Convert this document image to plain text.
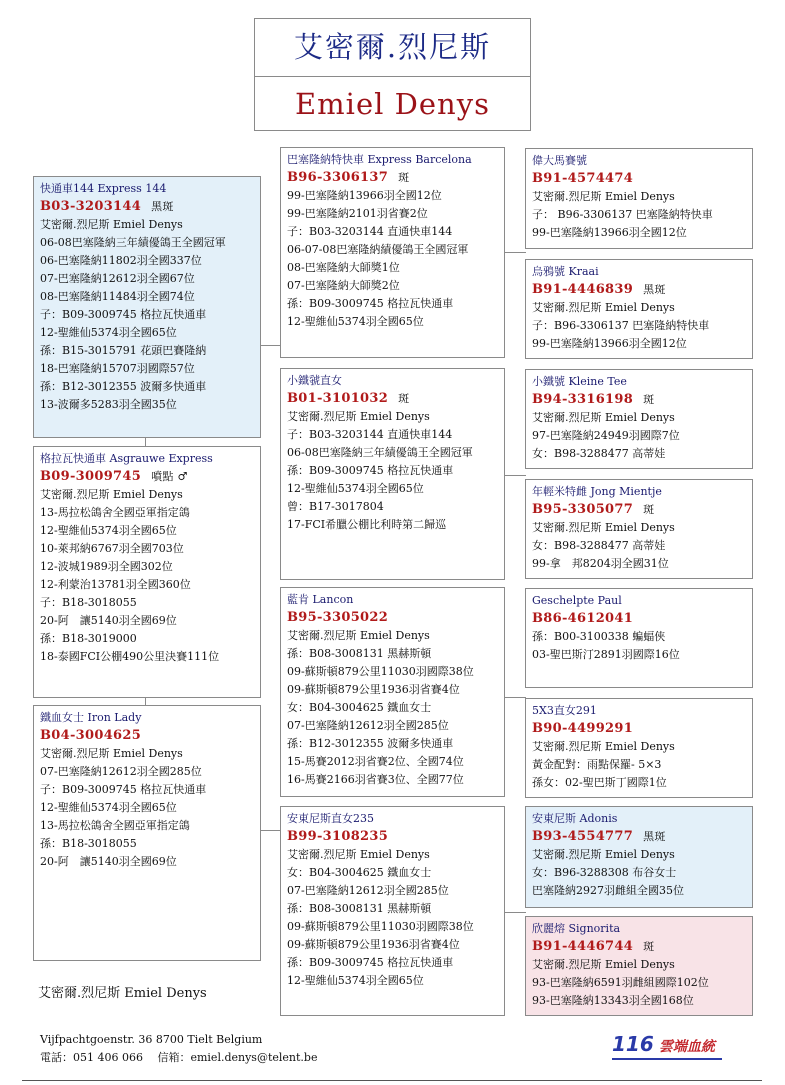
艾密爾.烈尼斯
Emiel Denys
快通車144 Express 144
B03-3203144 黑斑
艾密爾.烈尼斯 Emiel Denys
06-08巴塞隆納三年績優鴿王全國冠軍
06-巴塞隆納11802羽全國337位
07-巴塞隆納12612羽全國67位
08-巴塞隆納11484羽全國74位
子：B09-3009745 格拉瓦快通車
12-聖維仙5374羽全國65位
孫：B15-3015791 花頭巴賽隆納
18-巴塞隆納15707羽國際57位
孫：B12-3012355 波爾多快通車
13-波爾多5283羽全國35位
格拉瓦快通車 Asgrauwe Express
B09-3009745 噴點 ♂
艾密爾.烈尼斯 Emiel Denys
13-馬拉松鴿舍全國亞軍指定鴿
12-聖維仙5374羽全國65位
10-萊邦納6767羽全國703位
12-波城1989羽全國302位
12-利蒙治13781羽全國360位
子：B18-3018055
20-阿　讓5140羽全國69位
孫：B18-3019000
18-泰國FCI公棚490公里決賽111位
鐵血女士 Iron Lady
B04-3004625
艾密爾.烈尼斯 Emiel Denys
07-巴塞隆納12612羽全國285位
子：B09-3009745 格拉瓦快通車
12-聖維仙5374羽全國65位
13-馬拉松鴿舍全國亞軍指定鴿
孫：B18-3018055
20-阿　讓5140羽全國69位
巴塞隆納特快車 Express Barcelona
B96-3306137 斑
99-巴塞隆納13966羽全國12位
99-巴塞隆納2101羽省賽2位
子：B03-3203144 直通快車144
06-07-08巴塞隆納績優鴿王全國冠軍
08-巴塞隆納大師獎1位
07-巴塞隆納大師獎2位
孫：B09-3009745 格拉瓦快通車
12-聖維仙5374羽全國65位
小鐵虢直女
B01-3101032 斑
艾密爾.烈尼斯 Emiel Denys
子：B03-3203144 直通快車144
06-08巴塞隆納三年績優鴿王全國冠軍
孫：B09-3009745 格拉瓦快通車
12-聖維仙5374羽全國65位
曾：B17-3017804
17-FCI希臘公棚比利時第二歸巡
藍肯 Lancon
B95-3305022
艾密爾.烈尼斯 Emiel Denys
孫：B08-3008131 黑赫斯頓
09-蘇斯頓879公里11030羽國際38位
09-蘇斯頓879公里1936羽省賽4位
女：B04-3004625 鐵血女士
07-巴塞隆納12612羽全國285位
孫：B12-3012355 波爾多快通車
15-馬賽2012羽省賽2位、全國74位
16-馬賽2166羽省賽3位、全國77位
安東尼斯直女235
B99-3108235
艾密爾.烈尼斯 Emiel Denys
女：B04-3004625 鐵血女士
07-巴塞隆納12612羽全國285位
孫：B08-3008131 黑赫斯頓
09-蘇斯頓879公里11030羽國際38位
09-蘇斯頓879公里1936羽省賽4位
孫：B09-3009745 格拉瓦快通車
12-聖維仙5374羽全國65位
偉大馬賽號
B91-4574474
艾密爾.烈尼斯 Emiel Denys
子： B96-3306137 巴塞隆納特快車
99-巴塞隆納13966羽全國12位
烏鴉號 Kraai
B91-4446839 黑斑
艾密爾.烈尼斯 Emiel Denys
子：B96-3306137 巴塞隆納特快車
99-巴塞隆納13966羽全國12位
小鐵號 Kleine Tee
B94-3316198 斑
艾密爾.烈尼斯 Emiel Denys
97-巴塞隆納24949羽國際7位
女：B98-3288477 高蒂娃
年輕米特雌 Jong Mientje
B95-3305077 斑
艾密爾.烈尼斯 Emiel Denys
女：B98-3288477 高蒂娃
99-拿　邦8204羽全國31位
Geschelpte Paul
B86-4612041
孫：B00-3100338 蝙蝠俠
03-聖巴斯汀2891羽國際16位
5X3直女291
B90-4499291
艾密爾.烈尼斯 Emiel Denys
黃金配對：雨點保羅- 5×3
孫女：02-聖巴斯丁國際1位
安東尼斯 Adonis
B93-4554777 黑斑
艾密爾.烈尼斯 Emiel Denys
女：B96-3288308 布谷女士
巴塞隆納2927羽雌組全國35位
欣麗熔 Signorita
B91-4446744 斑
艾密爾.烈尼斯 Emiel Denys
93-巴塞隆納6591羽雌組國際102位
93-巴塞隆納13343羽全國168位
艾密爾.烈尼斯 Emiel Denys
Vijfpachtgoenstr. 36 8700 Tielt Belgium
電話：051 406 066　 信箱：emiel.denys@telent.be
116 雲端血統
